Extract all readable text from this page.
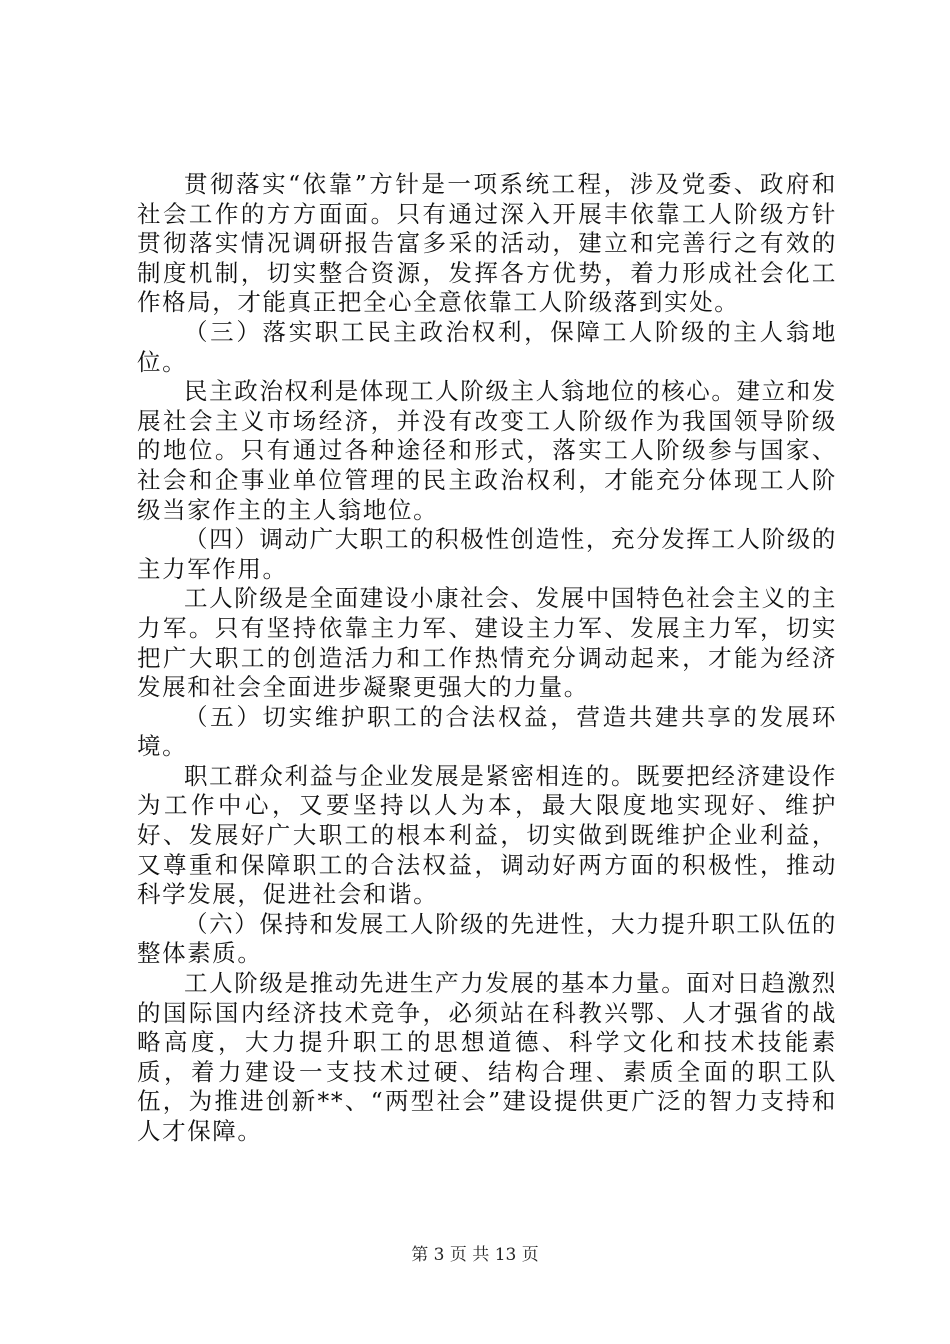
贯彻落实“依靠”方针是一项系统工程，涉及党委、政府和社会工作的方方面面。只有通过深入开展丰依靠工人阶级方针贯彻落实情况调研报告富多采的活动，建立和完善行之有效的制度机制，切实整合资源，发挥各方优势，着力形成社会化工作格局，才能真正把全心全意依靠工人阶级落到实处。

（三）落实职工民主政治权利，保障工人阶级的主人翁地位。

民主政治权利是体现工人阶级主人翁地位的核心。建立和发展社会主义市场经济，并没有改变工人阶级作为我国领导阶级的地位。只有通过各种途径和形式，落实工人阶级参与国家、社会和企事业单位管理的民主政治权利，才能充分体现工人阶级当家作主的主人翁地位。

（四）调动广大职工的积极性创造性，充分发挥工人阶级的主力军作用。

工人阶级是全面建设小康社会、发展中国特色社会主义的主力军。只有坚持依靠主力军、建设主力军、发展主力军，切实把广大职工的创造活力和工作热情充分调动起来，才能为经济发展和社会全面进步凝聚更强大的力量。

（五）切实维护职工的合法权益，营造共建共享的发展环境。

职工群众利益与企业发展是紧密相连的。既要把经济建设作为工作中心，又要坚持以人为本，最大限度地实现好、维护好、发展好广大职工的根本利益，切实做到既维护企业利益，又尊重和保障职工的合法权益，调动好两方面的积极性，推动科学发展，促进社会和谐。

（六）保持和发展工人阶级的先进性，大力提升职工队伍的整体素质。

工人阶级是推动先进生产力发展的基本力量。面对日趋激烈的国际国内经济技术竞争，必须站在科教兴鄂、人才强省的战略高度，大力提升职工的思想道德、科学文化和技术技能素质，着力建设一支技术过硬、结构合理、素质全面的职工队伍，为推进创新**、“两型社会”建设提供更广泛的智力支持和人才保障。

第 3 页 共 13 页
